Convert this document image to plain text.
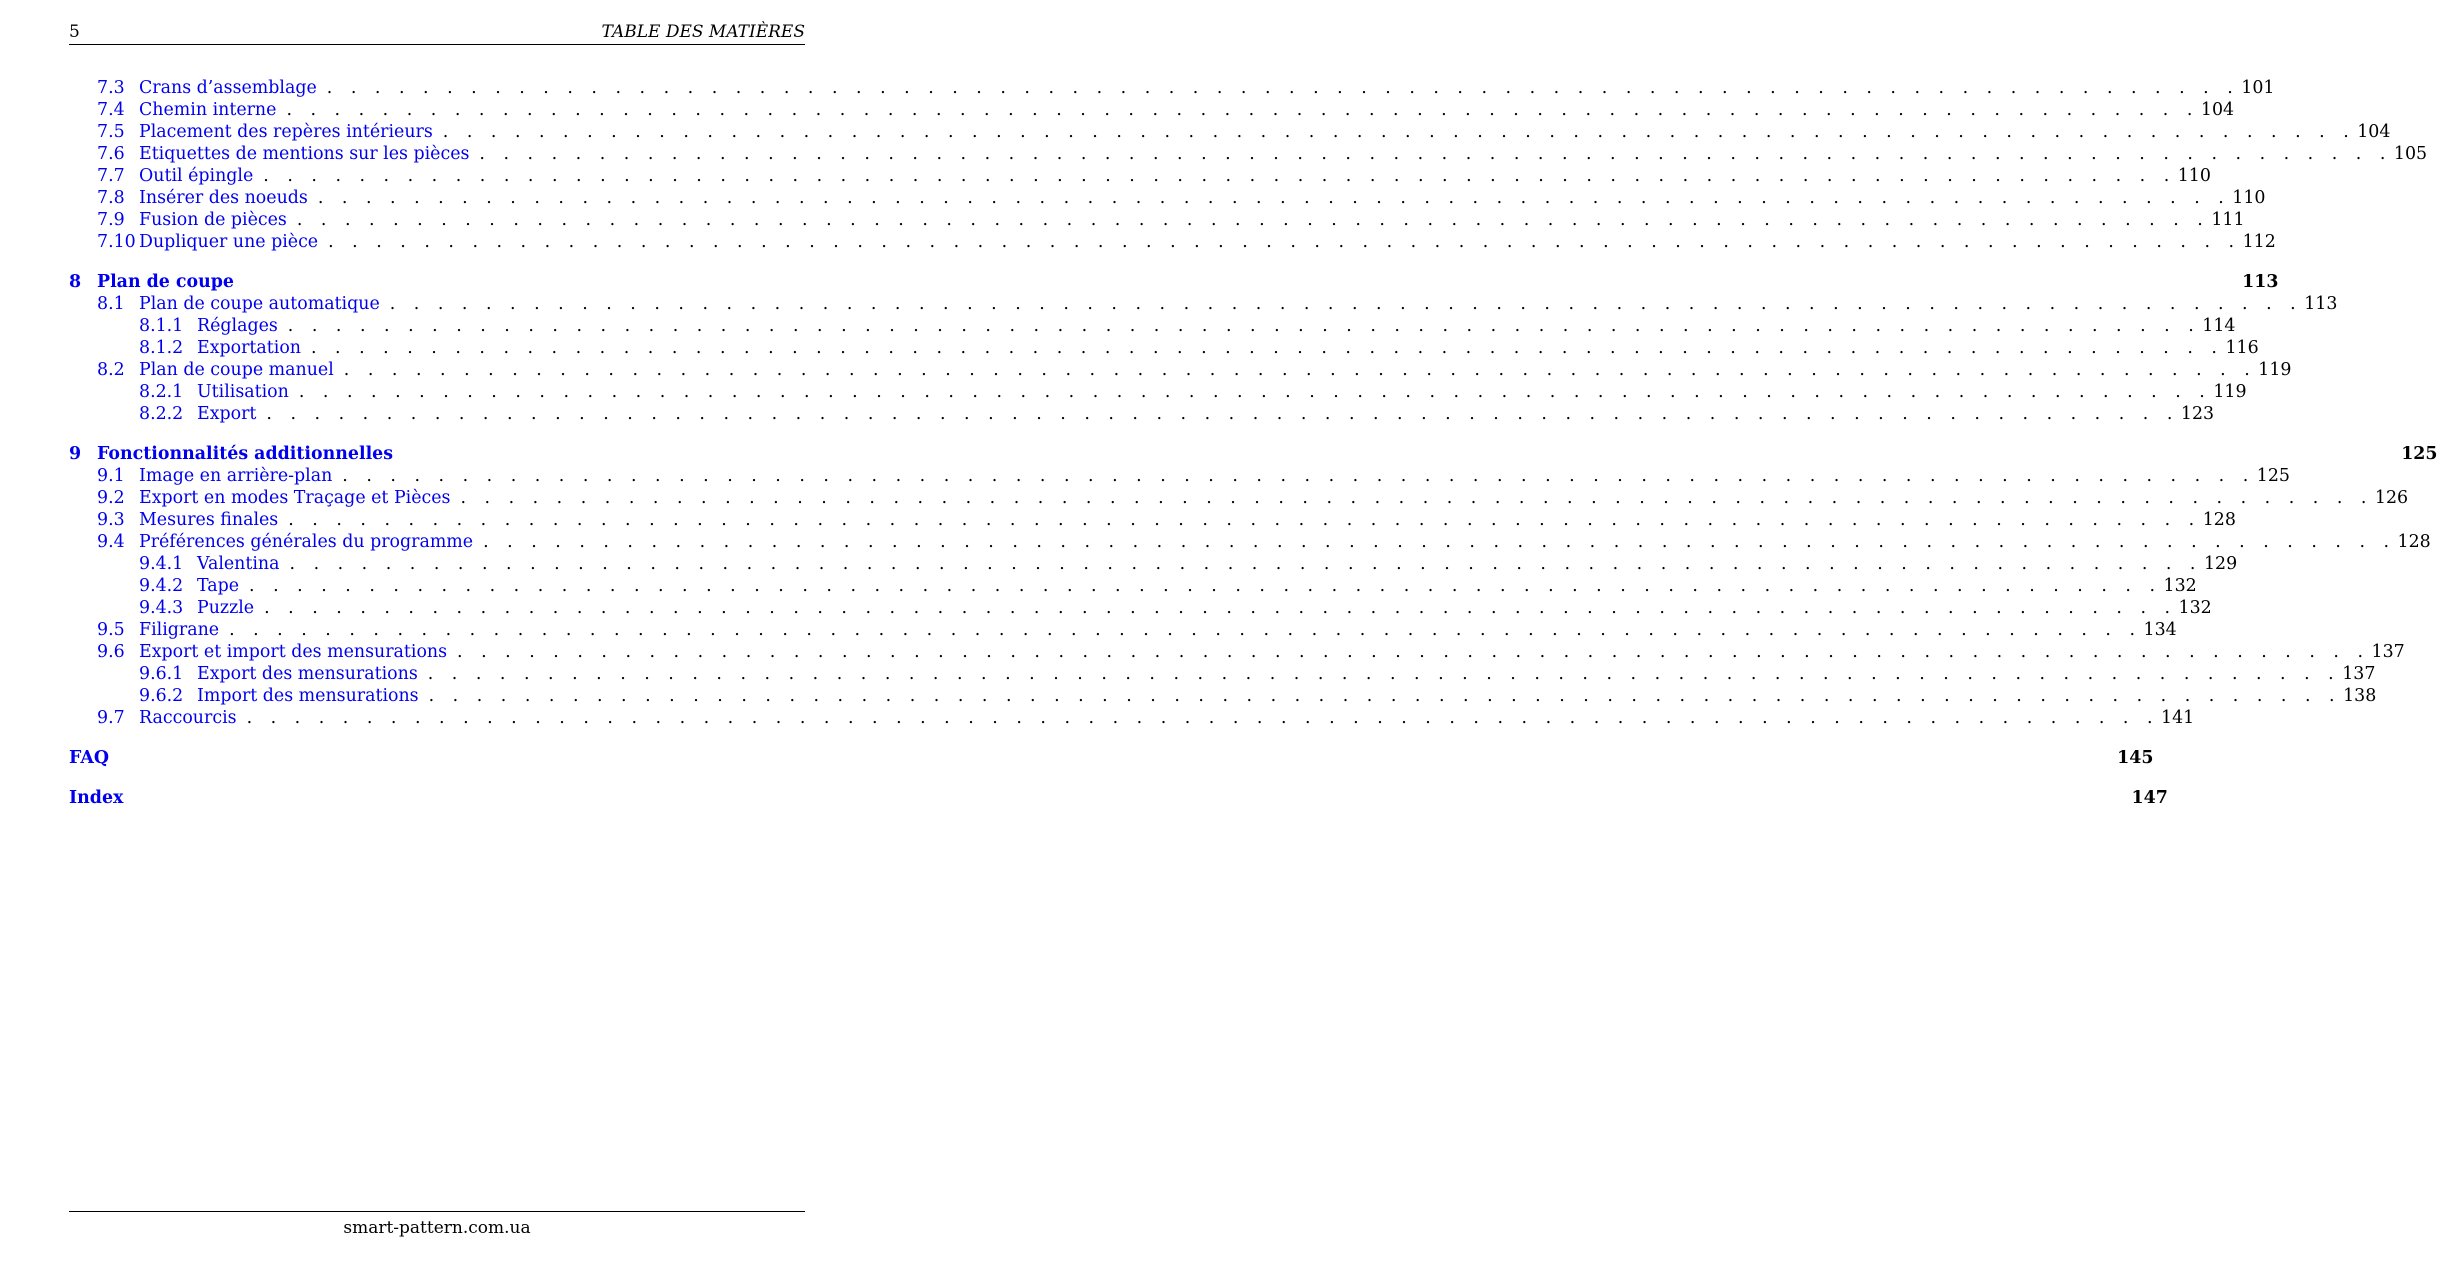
5	TABLE DES MATIÈRES
7.3 Crans d’assemblage . . . . . . . . . . . . . . . . . . . . . . . . . . . . . . . . . . . . . . . . . . . . . . . . . . . . . . . . . . . . . . . . . . . . . . . . . . . . . . . . 101
7.4 Chemin interne . . . . . . . . . . . . . . . . . . . . . . . . . . . . . . . . . . . . . . . . . . . . . . . . . . . . . . . . . . . . . . . . . . . . . . . . . . . . . . . . 104
7.5 Placement des repères intérieurs . . . . . . . . . . . . . . . . . . . . . . . . . . . . . . . . . . . . . . . . . . . . . . . . . . . . . . . . . . . . . . . . . . . . . . . . . . . . . . . . 104
7.6 Etiquettes de mentions sur les pièces . . . . . . . . . . . . . . . . . . . . . . . . . . . . . . . . . . . . . . . . . . . . . . . . . . . . . . . . . . . . . . . . . . . . . . . . . . . . . . . . 105
7.7 Outil épingle . . . . . . . . . . . . . . . . . . . . . . . . . . . . . . . . . . . . . . . . . . . . . . . . . . . . . . . . . . . . . . . . . . . . . . . . . . . . . . . . 110
7.8 Insérer des noeuds . . . . . . . . . . . . . . . . . . . . . . . . . . . . . . . . . . . . . . . . . . . . . . . . . . . . . . . . . . . . . . . . . . . . . . . . . . . . . . . . 110
7.9 Fusion de pièces . . . . . . . . . . . . . . . . . . . . . . . . . . . . . . . . . . . . . . . . . . . . . . . . . . . . . . . . . . . . . . . . . . . . . . . . . . . . . . . . 111
7.10 Dupliquer une pièce . . . . . . . . . . . . . . . . . . . . . . . . . . . . . . . . . . . . . . . . . . . . . . . . . . . . . . . . . . . . . . . . . . . . . . . . . . . . . . . . 112
8 Plan de coupe	113
8.1 Plan de coupe automatique . . . . . . . . . . . . . . . . . . . . . . . . . . . . . . . . . . . . . . . . . . . . . . . . . . . . . . . . . . . . . . . . . . . . . . . . . . . . . . . . 113
8.1.1 Réglages . . . . . . . . . . . . . . . . . . . . . . . . . . . . . . . . . . . . . . . . . . . . . . . . . . . . . . . . . . . . . . . . . . . . . . . . . . . . . . . . 114
8.1.2 Exportation . . . . . . . . . . . . . . . . . . . . . . . . . . . . . . . . . . . . . . . . . . . . . . . . . . . . . . . . . . . . . . . . . . . . . . . . . . . . . . . . 116
8.2 Plan de coupe manuel . . . . . . . . . . . . . . . . . . . . . . . . . . . . . . . . . . . . . . . . . . . . . . . . . . . . . . . . . . . . . . . . . . . . . . . . . . . . . . . . 119
8.2.1 Utilisation . . . . . . . . . . . . . . . . . . . . . . . . . . . . . . . . . . . . . . . . . . . . . . . . . . . . . . . . . . . . . . . . . . . . . . . . . . . . . . . . 119
8.2.2 Export . . . . . . . . . . . . . . . . . . . . . . . . . . . . . . . . . . . . . . . . . . . . . . . . . . . . . . . . . . . . . . . . . . . . . . . . . . . . . . . . 123
9 Fonctionnalités additionnelles	125
9.1 Image en arrière-plan . . . . . . . . . . . . . . . . . . . . . . . . . . . . . . . . . . . . . . . . . . . . . . . . . . . . . . . . . . . . . . . . . . . . . . . . . . . . . . . . 125
9.2 Export en modes Traçage et Pièces . . . . . . . . . . . . . . . . . . . . . . . . . . . . . . . . . . . . . . . . . . . . . . . . . . . . . . . . . . . . . . . . . . . . . . . . . . . . . . . . 126
9.3 Mesures finales . . . . . . . . . . . . . . . . . . . . . . . . . . . . . . . . . . . . . . . . . . . . . . . . . . . . . . . . . . . . . . . . . . . . . . . . . . . . . . . . 128
9.4 Préférences générales du programme . . . . . . . . . . . . . . . . . . . . . . . . . . . . . . . . . . . . . . . . . . . . . . . . . . . . . . . . . . . . . . . . . . . . . . . . . . . . . . . . 128
9.4.1 Valentina . . . . . . . . . . . . . . . . . . . . . . . . . . . . . . . . . . . . . . . . . . . . . . . . . . . . . . . . . . . . . . . . . . . . . . . . . . . . . . . . 129
9.4.2 Tape . . . . . . . . . . . . . . . . . . . . . . . . . . . . . . . . . . . . . . . . . . . . . . . . . . . . . . . . . . . . . . . . . . . . . . . . . . . . . . . . 132
9.4.3 Puzzle . . . . . . . . . . . . . . . . . . . . . . . . . . . . . . . . . . . . . . . . . . . . . . . . . . . . . . . . . . . . . . . . . . . . . . . . . . . . . . . . 132
9.5 Filigrane . . . . . . . . . . . . . . . . . . . . . . . . . . . . . . . . . . . . . . . . . . . . . . . . . . . . . . . . . . . . . . . . . . . . . . . . . . . . . . . . 134
9.6 Export et import des mensurations . . . . . . . . . . . . . . . . . . . . . . . . . . . . . . . . . . . . . . . . . . . . . . . . . . . . . . . . . . . . . . . . . . . . . . . . . . . . . . . . 137
9.6.1 Export des mensurations . . . . . . . . . . . . . . . . . . . . . . . . . . . . . . . . . . . . . . . . . . . . . . . . . . . . . . . . . . . . . . . . . . . . . . . . . . . . . . . . 137
9.6.2 Import des mensurations . . . . . . . . . . . . . . . . . . . . . . . . . . . . . . . . . . . . . . . . . . . . . . . . . . . . . . . . . . . . . . . . . . . . . . . . . . . . . . . . 138
9.7 Raccourcis . . . . . . . . . . . . . . . . . . . . . . . . . . . . . . . . . . . . . . . . . . . . . . . . . . . . . . . . . . . . . . . . . . . . . . . . . . . . . . . . 141
FAQ	145
Index	147
smart-pattern.com.ua
